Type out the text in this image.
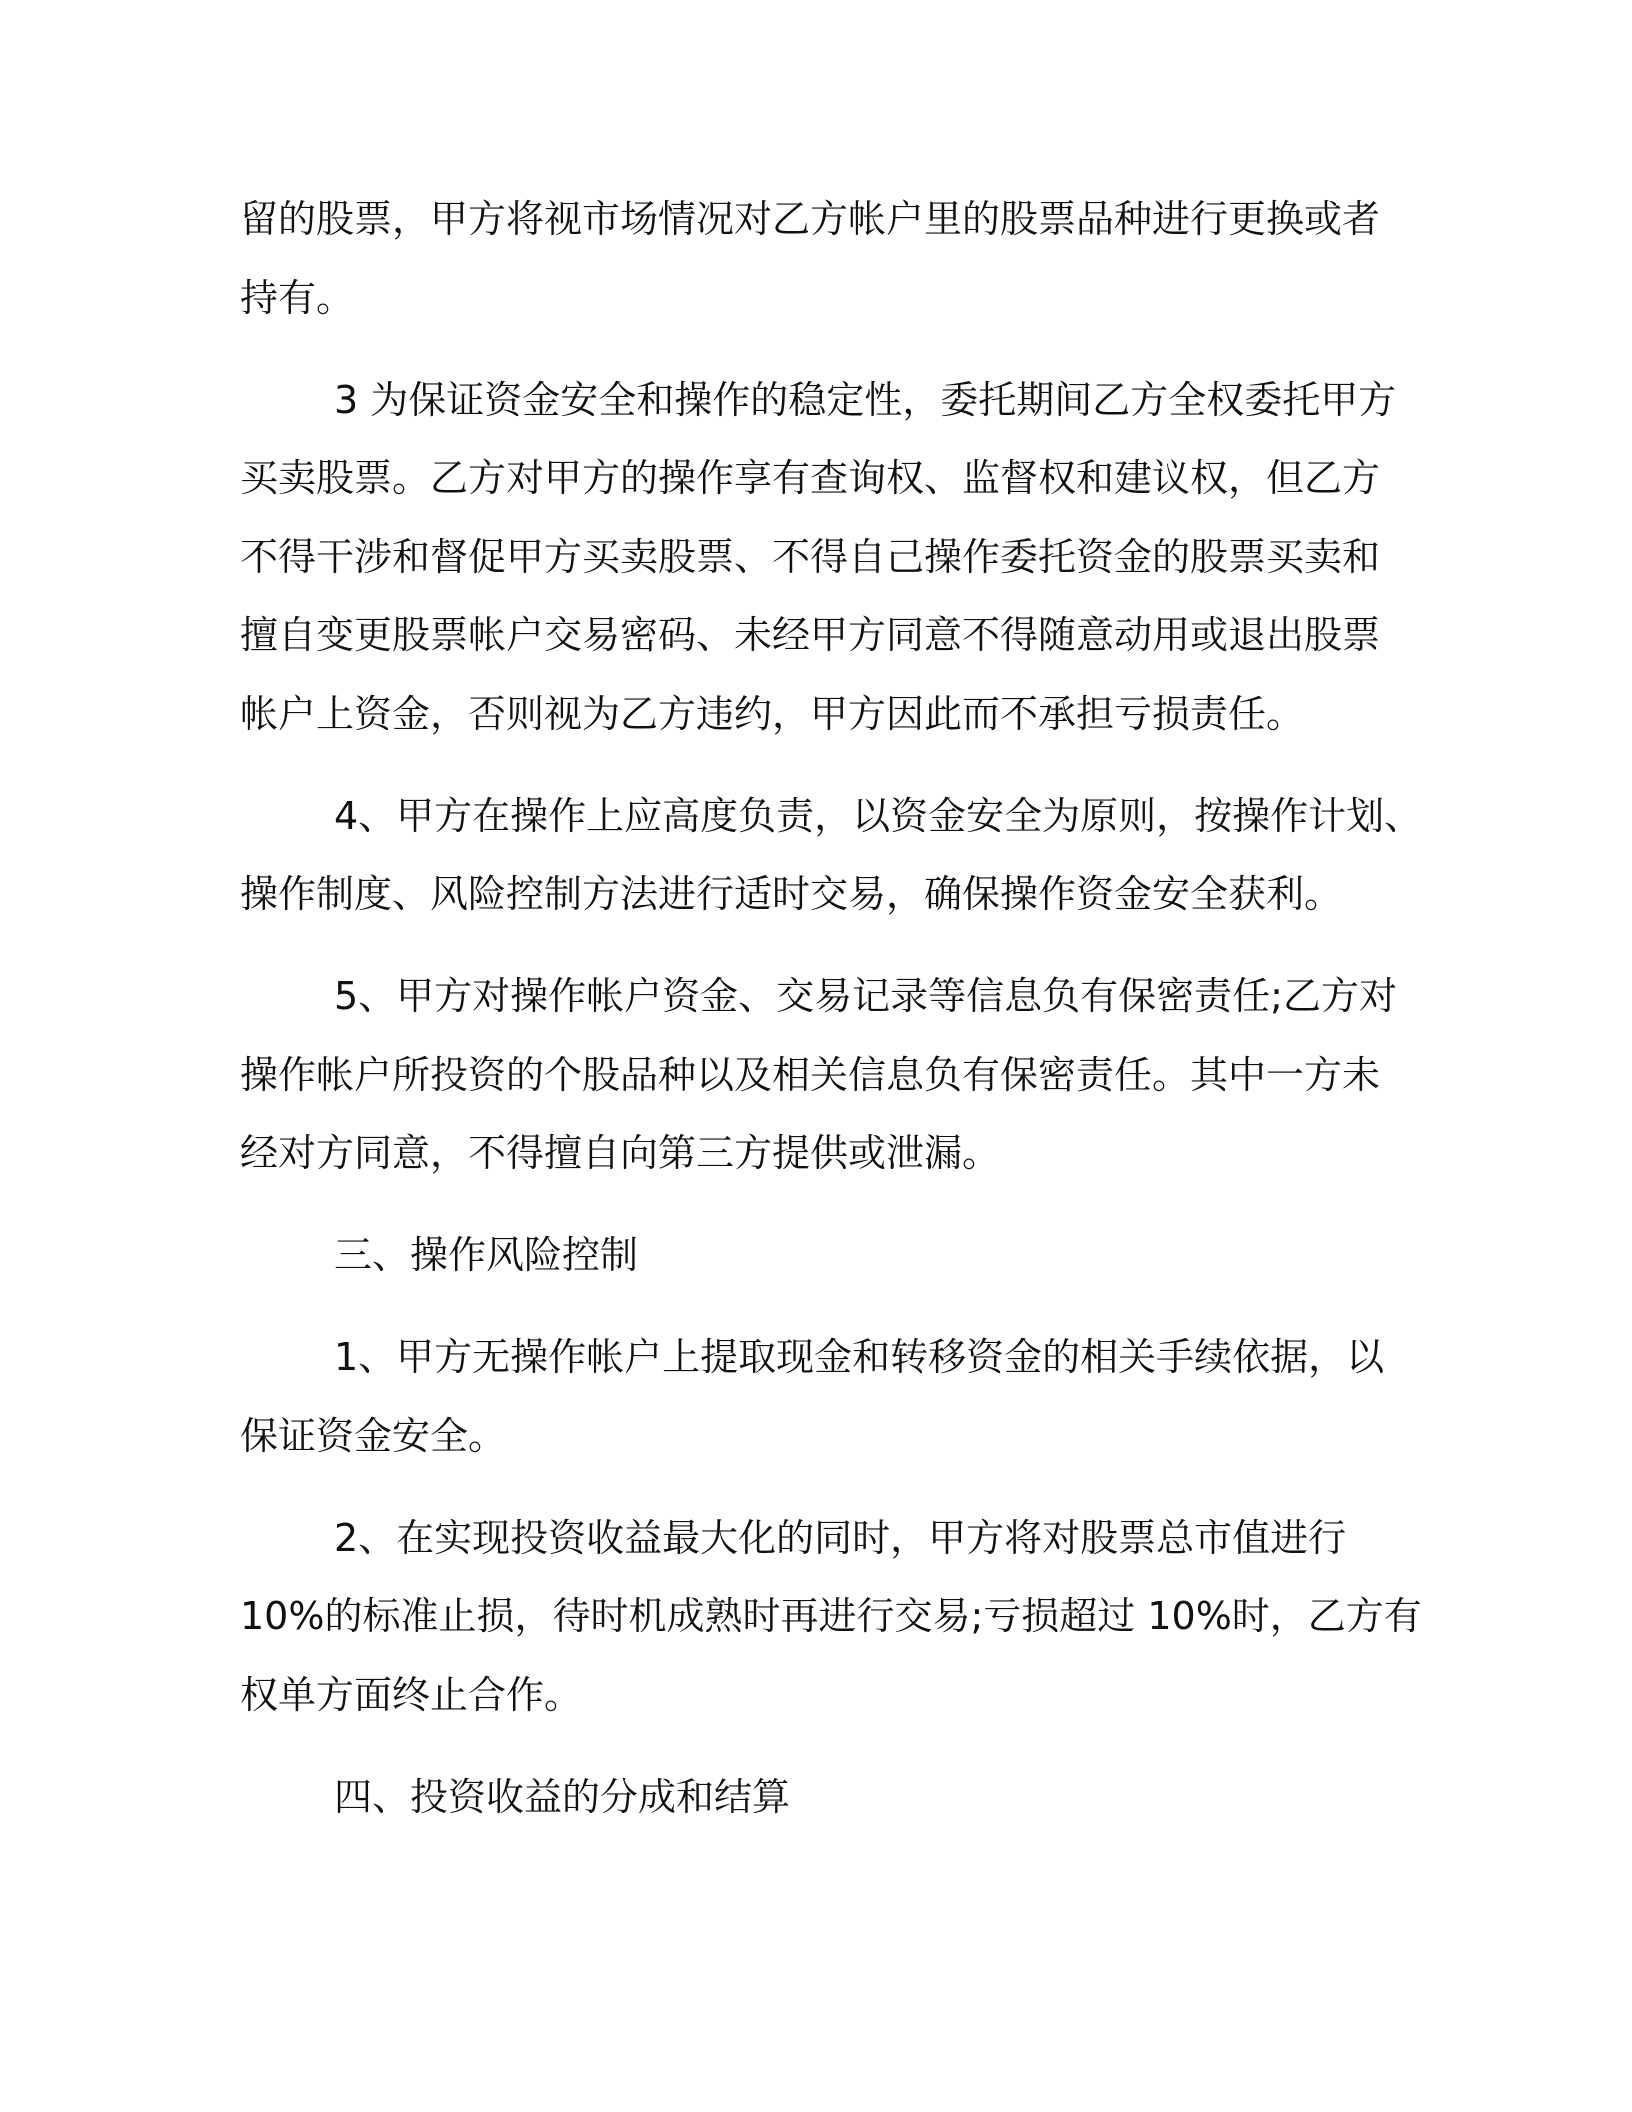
留的股票，甲方将视市场情况对乙方帐户里的股票品种进行更换或者
持有。
3 为保证资金安全和操作的稳定性，委托期间乙方全权委托甲方
买卖股票。乙方对甲方的操作享有查询权、监督权和建议权，但乙方
不得干涉和督促甲方买卖股票、不得自己操作委托资金的股票买卖和
擅自变更股票帐户交易密码、未经甲方同意不得随意动用或退出股票
帐户上资金，否则视为乙方违约，甲方因此而不承担亏损责任。
4、甲方在操作上应高度负责，以资金安全为原则，按操作计划、
操作制度、风险控制方法进行适时交易，确保操作资金安全获利。
5、甲方对操作帐户资金、交易记录等信息负有保密责任;乙方对
操作帐户所投资的个股品种以及相关信息负有保密责任。其中一方未
经对方同意，不得擅自向第三方提供或泄漏。
三、操作风险控制
1、甲方无操作帐户上提取现金和转移资金的相关手续依据，以
保证资金安全。
2、在实现投资收益最大化的同时，甲方将对股票总市值进行
10%的标准止损，待时机成熟时再进行交易;亏损超过 10%时，乙方有
权单方面终止合作。
四、投资收益的分成和结算
